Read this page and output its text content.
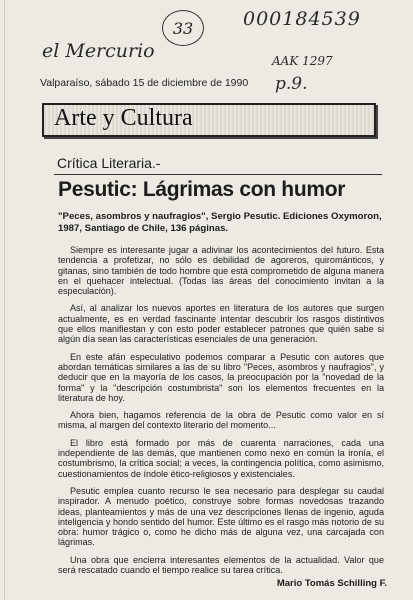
33	000184539
el Mercurio	AAK 1297
p.9.
Valparaíso, sábado 15 de diciembre de 1990
Arte y Cultura
Crítica Literaria.-
Pesutic: Lágrimas con humor
"Peces, asombros y naufragios", Sergio Pesutic. Ediciones Oxymoron, 1987, Santiago de Chile, 136 páginas.

Siempre es interesante jugar a adivinar los acontecimientos del futuro. Esta tendencia a profetizar, no sólo es debilidad de agoreros, quirománticos, y gitanas, sino también de todo hombre que está comprometido de alguna manera en el quehacer intelectual. (Todas las áreas del conocimiento invitan a la especulación).

Así, al analizar los nuevos aportes en literatura de los autores que surgen actualmente, es en verdad fascinante intentar descubrir los rasgos distintivos que ellos manifiestan y con esto poder establecer patrones que quién sabe si algún día sean las características esenciales de una generación.

En este afán especulativo podemos comparar a Pesutic con autores que abordan temáticas similares a las de su libro "Peces, asombros y naufragios", y deducir que en la mayoría de los casos, la preocupación por la "novedad de la forma" y la "descripción costumbrista" son los elementos frecuentes en la literatura de hoy.

Ahora bien, hagamos referencia de la obra de Pesutic como valor en sí misma, al margen del contexto literario del momento...

El libro está formado por más de cuarenta narraciones, cada una independiente de las demás, que mantienen como nexo en común la ironía, el costumbrismo, la crítica social; a veces, la contingencia política, como asimismo, cuestionamientos de índole ético-religiosos y existenciales.

Pesutic emplea cuanto recurso le sea necesario para desplegar su caudal inspirador. A menudo poético, construye sobre formas novedosas trazando ideas, planteamientos y más de una vez descripciones llenas de ingenio, aguda inteligencia y hondo sentido del humor. Este último es el rasgo más notorio de su obra: humor trágico o, como he dicho más de alguna vez, una carcajada con lágrimas.

Una obra que encierra interesantes elementos de la actualidad. Valor que será rescatado cuando el tiempo realice su tarea crítica.

Mario Tomás Schilling F.
